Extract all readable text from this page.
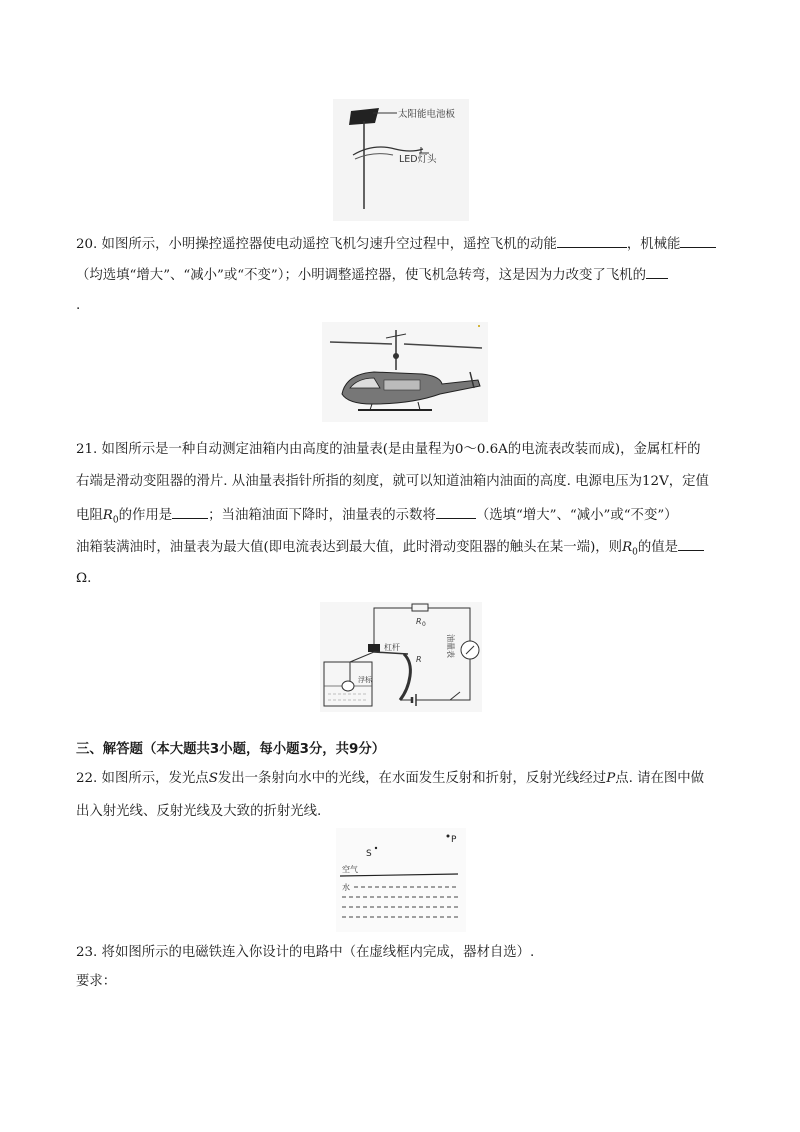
太阳能电池板
LED灯头
20. 如图所示，小明操控遥控器使电动遥控飞机匀速升空过程中，遥控飞机的动能	，机械能
（均选填“增大”、“减小”或“不变”）；小明调整遥控器，使飞机急转弯，这是因为力改变了飞机的
.
21. 如图所示是一种自动测定油箱内由高度的油量表(是由量程为0～0.6A的电流表改装而成)，金属杠杆的
右端是滑动变阻器的滑片. 从油量表指针所指的刻度，就可以知道油箱内油面的高度. 电源电压为12V，定值
电阻$R_0$的作用是	；当油箱油面下降时，油量表的示数将	（选填“增大”、“减小”或“不变”）
油箱装满油时，油量表为最大值(即电流表达到最大值，此时滑动变阻器的触头在某一端)，则$R_0$的值是
Ω.
R 0
油量表
R
杠杆
浮标
三、解答题（本大题共3小题，每小题3分，共9分）
22. 如图所示，发光点S发出一条射向水中的光线，在水面发生反射和折射，反射光线经过P点. 请在图中做
出入射光线、反射光线及大致的折射光线.
S
P
空气
水
23. 将如图所示的电磁铁连入你设计的电路中（在虚线框内完成，器材自选）.
要求：
